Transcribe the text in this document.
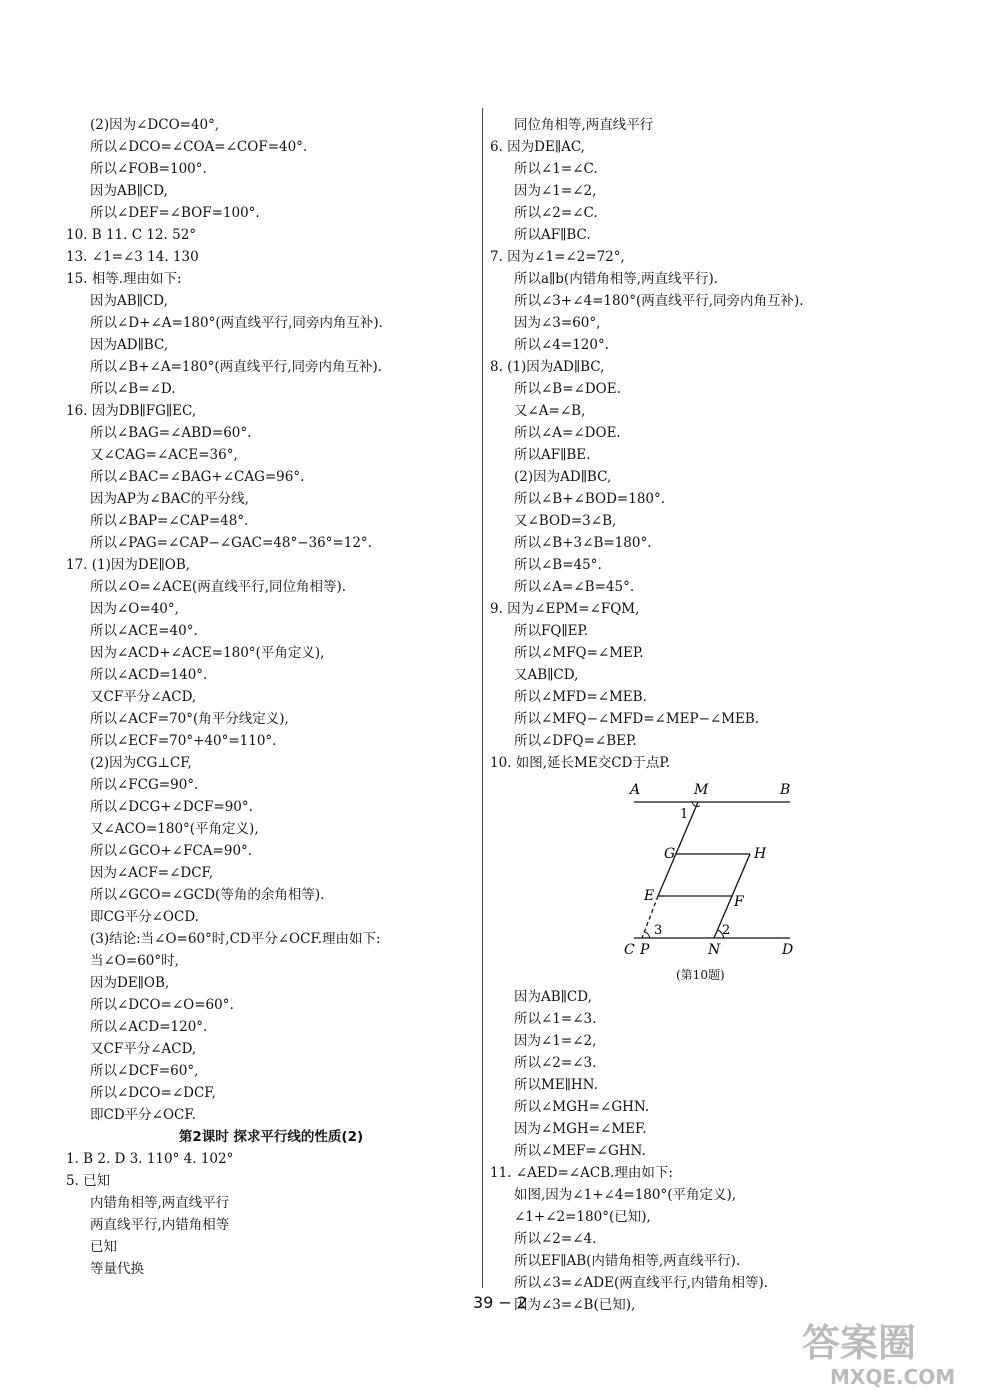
(2)因为∠DCO=40°,
所以∠DCO=∠COA=∠COF=40°.
所以∠FOB=100°.
因为AB∥CD,
所以∠DEF=∠BOF=100°.
10. B 11. C 12. 52°
13. ∠1=∠3 14. 130
15. 相等.理由如下:
因为AB∥CD,
所以∠D+∠A=180°(两直线平行,同旁内角互补).
因为AD∥BC,
所以∠B+∠A=180°(两直线平行,同旁内角互补).
所以∠B=∠D.
16. 因为DB∥FG∥EC,
所以∠BAG=∠ABD=60°.
又∠CAG=∠ACE=36°,
所以∠BAC=∠BAG+∠CAG=96°.
因为AP为∠BAC的平分线,
所以∠BAP=∠CAP=48°.
所以∠PAG=∠CAP−∠GAC=48°−36°=12°.
17. (1)因为DE∥OB,
所以∠O=∠ACE(两直线平行,同位角相等).
因为∠O=40°,
所以∠ACE=40°.
因为∠ACD+∠ACE=180°(平角定义),
所以∠ACD=140°.
又CF平分∠ACD,
所以∠ACF=70°(角平分线定义),
所以∠ECF=70°+40°=110°.
(2)因为CG⊥CF,
所以∠FCG=90°.
所以∠DCG+∠DCF=90°.
又∠ACO=180°(平角定义),
所以∠GCO+∠FCA=90°.
因为∠ACF=∠DCF,
所以∠GCO=∠GCD(等角的余角相等).
即CG平分∠OCD.
(3)结论:当∠O=60°时,CD平分∠OCF.理由如下:
当∠O=60°时,
因为DE∥OB,
所以∠DCO=∠O=60°.
所以∠ACD=120°.
又CF平分∠ACD,
所以∠DCF=60°,
所以∠DCO=∠DCF,
即CD平分∠OCF.
第2课时 探求平行线的性质(2)
1. B 2. D 3. 110° 4. 102°
5. 已知
内错角相等,两直线平行
两直线平行,内错角相等
已知
等量代换
同位角相等,两直线平行
6. 因为DE∥AC,
所以∠1=∠C.
因为∠1=∠2,
所以∠2=∠C.
所以AF∥BC.
7. 因为∠1=∠2=72°,
所以a∥b(内错角相等,两直线平行).
所以∠3+∠4=180°(两直线平行,同旁内角互补).
因为∠3=60°,
所以∠4=120°.
8. (1)因为AD∥BC,
所以∠B=∠DOE.
又∠A=∠B,
所以∠A=∠DOE.
所以AF∥BE.
(2)因为AD∥BC,
所以∠B+∠BOD=180°.
又∠BOD=3∠B,
所以∠B+3∠B=180°.
所以∠B=45°.
所以∠A=∠B=45°.
9. 因为∠EPM=∠FQM,
所以FQ∥EP.
所以∠MFQ=∠MEP.
又AB∥CD,
所以∠MFD=∠MEB.
所以∠MFQ−∠MFD=∠MEP−∠MEB.
所以∠DFQ=∠BEP.
10. 如图,延长ME交CD于点P.
A	M	B
1
G	H
E	F
3	2
C P	N	D
(第10题)
因为AB∥CD,
所以∠1=∠3.
因为∠1=∠2,
所以∠2=∠3.
所以ME∥HN.
所以∠MGH=∠GHN.
因为∠MGH=∠MEF.
所以∠MEF=∠GHN.
11. ∠AED=∠ACB.理由如下:
如图,因为∠1+∠4=180°(平角定义),
∠1+∠2=180°(已知),
所以∠2=∠4.
所以EF∥AB(内错角相等,两直线平行).
所以∠3=∠ADE(两直线平行,内错角相等).
因为∠3=∠B(已知),
39 − 2
答案圈
MXQE.COM
